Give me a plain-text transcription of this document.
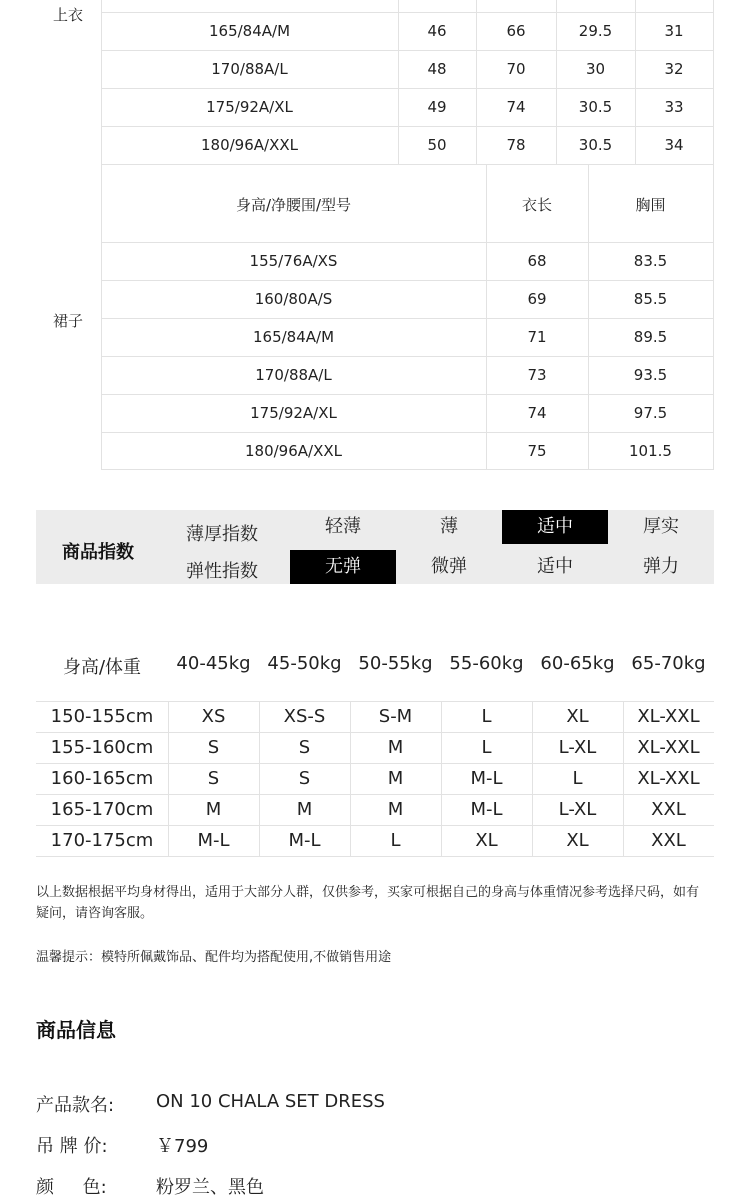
上衣
裙子
165/84A/M	46	66	29.5	31
170/88A/L	48	70	30	32
175/92A/XL	49	74	30.5	33
180/96A/XXL	50	78	30.5	34
身高/净腰围/型号	衣长	胸围
155/76A/XS	68	83.5
160/80A/S	69	85.5
165/84A/M	71	89.5
170/88A/L	73	93.5
175/92A/XL	74	97.5
180/96A/XXL	75	101.5
商品指数
薄厚指数	轻薄	薄	适中	厚实
弹性指数	无弹	微弹	适中	弹力
身高/体重	40-45kg 45-50kg 50-55kg 55-60kg 60-65kg 65-70kg
150-155cm	XS	XS-S	S-M	L	XL	XL-XXL
155-160cm	S	S	M	L	L-XL	XL-XXL
160-165cm	S	S	M	M-L	L	XL-XXL
165-170cm	M	M	M	M-L	L-XL	XXL
170-175cm	M-L	M-L	L	XL	XL	XXL
以上数据根据平均身材得出，适用于大部分人群，仅供参考，买家可根据自己的身高与体重情况参考选择尺码，如有疑问，请咨询客服。
温馨提示：模特所佩戴饰品、配件均为搭配使用,不做销售用途
商品信息
产品款名: ON 10 CHALA SET DRESS
吊 牌 价:	￥799
颜     色:	粉罗兰、黑色
